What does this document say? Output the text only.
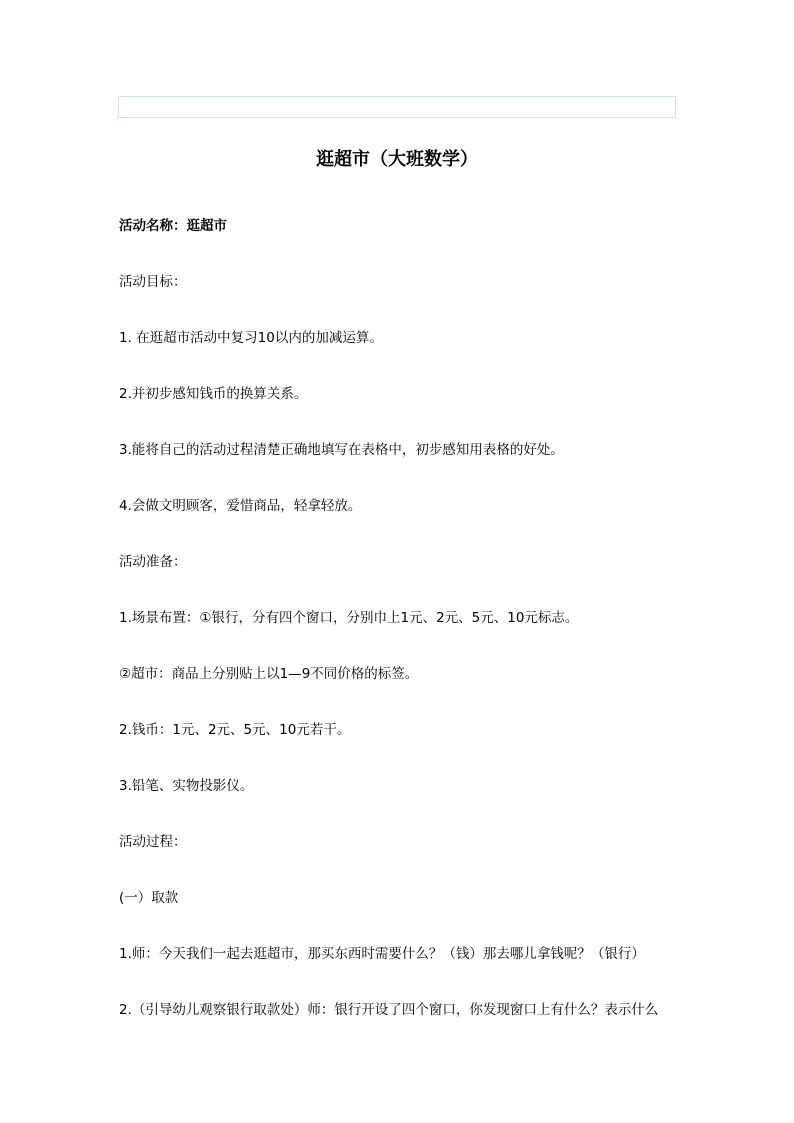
逛超市（大班数学）

活动名称：逛超市

活动目标：

1. 在逛超市活动中复习10以内的加减运算。

2.并初步感知钱币的换算关系。

3.能将自己的活动过程清楚正确地填写在表格中，初步感知用表格的好处。

4.会做文明顾客，爱惜商品，轻拿轻放。

活动准备：

1.场景布置：①银行，分有四个窗口，分别巾上1元、2元、5元、10元标志。

②超市：商品上分别贴上以1—9不同价格的标签。

2.钱币：1元、2元、5元、10元若干。

3.铅笔、实物投影仪。

活动过程：

(一）取款

1.师：今天我们一起去逛超市，那买东西时需要什么？（钱）那去哪儿拿钱呢？（银行）

2.（引导幼儿观察银行取款处）师：银行开设了四个窗口，你发现窗口上有什么？表示什么
